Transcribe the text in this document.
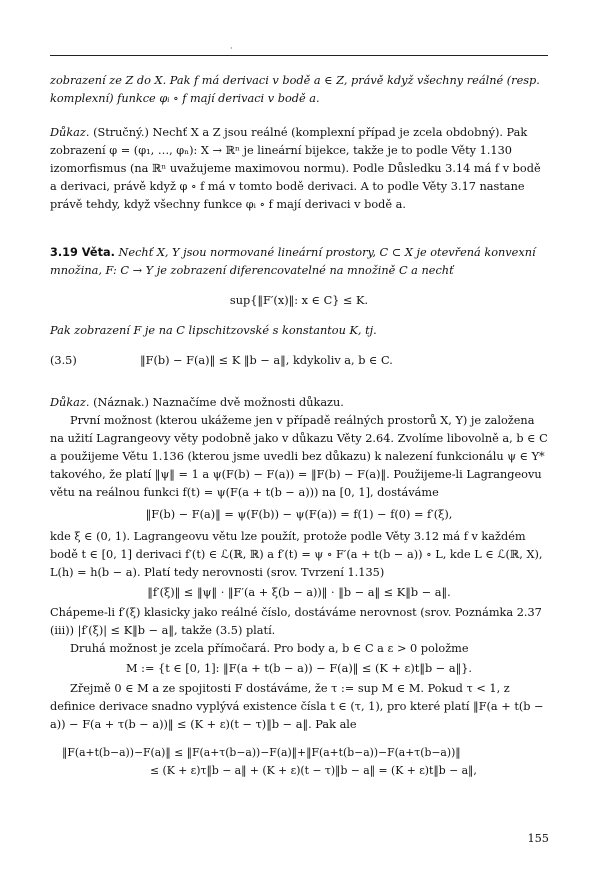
·

zobrazení ze Z do X. Pak f má derivaci v bodě a ∈ Z, právě když všechny reálné (resp. komplexní) funkce φᵢ ∘ f mají derivaci v bodě a.

Důkaz. (Stručný.) Nechť X a Z jsou reálné (komplexní případ je zcela obdobný). Pak zobrazení φ = (φ₁, …, φₙ): X → ℝⁿ je lineární bijekce, takže je to podle Věty 1.130 izomorfismus (na ℝⁿ uvažujeme maximovou normu). Podle Důsledku 3.14 má f v bodě a derivaci, právě když φ ∘ f má v tomto bodě derivaci. A to podle Věty 3.17 nastane právě tehdy, když všechny funkce φᵢ ∘ f mají derivaci v bodě a.

3.19 Věta. Nechť X, Y jsou normované lineární prostory, C ⊂ X je otevřená konvexní množina, F: C → Y je zobrazení diferencovatelné na množině C a nechť

sup{‖F′(x)‖: x ∈ C} ≤ K.

Pak zobrazení F je na C lipschitzovské s konstantou K, tj.

(3.5)	‖F(b) − F(a)‖ ≤ K ‖b − a‖, kdykoliv a, b ∈ C.

Důkaz. (Náznak.) Naznačíme dvě možnosti důkazu.

První možnost (kterou ukážeme jen v případě reálných prostorů X, Y) je založena na užití Lagrangeovy věty podobně jako v důkazu Věty 2.64. Zvolíme libovolně a, b ∈ C a použijeme Větu 1.136 (kterou jsme uvedli bez důkazu) k nalezení funkcionálu ψ ∈ Y* takového, že platí ‖ψ‖ = 1 a ψ(F(b) − F(a)) = ‖F(b) − F(a)‖. Použijeme-li Lagrangeovu větu na reálnou funkci f(t) = ψ(F(a + t(b − a))) na [0, 1], dostáváme

‖F(b) − F(a)‖ = ψ(F(b)) − ψ(F(a)) = f(1) − f(0) = f′(ξ),

kde ξ ∈ (0, 1). Lagrangeovu větu lze použít, protože podle Věty 3.12 má f v každém bodě t ∈ [0, 1] derivaci f′(t) ∈ ℒ(ℝ, ℝ) a f′(t) = ψ ∘ F′(a + t(b − a)) ∘ L, kde L ∈ ℒ(ℝ, X), L(h) = h(b − a). Platí tedy nerovnosti (srov. Tvrzení 1.135)

‖f′(ξ)‖ ≤ ‖ψ‖ · ‖F′(a + ξ(b − a))‖ · ‖b − a‖ ≤ K‖b − a‖.

Chápeme-li f′(ξ) klasicky jako reálné číslo, dostáváme nerovnost (srov. Poznámka 2.37 (iii)) |f′(ξ)| ≤ K‖b − a‖, takže (3.5) platí.

Druhá možnost je zcela přímočará. Pro body a, b ∈ C a ε > 0 položme

M := {t ∈ [0, 1]: ‖F(a + t(b − a)) − F(a)‖ ≤ (K + ε)t‖b − a‖}.

Zřejmě 0 ∈ M a ze spojitosti F dostáváme, že τ := sup M ∈ M. Pokud τ < 1, z definice derivace snadno vyplývá existence čísla t ∈ (τ, 1), pro které platí ‖F(a + t(b − a)) − F(a + τ(b − a))‖ ≤ (K + ε)(t − τ)‖b − a‖. Pak ale

‖F(a+t(b−a))−F(a)‖ ≤ ‖F(a+τ(b−a))−F(a)‖+‖F(a+t(b−a))−F(a+τ(b−a))‖

≤ (K + ε)τ‖b − a‖ + (K + ε)(t − τ)‖b − a‖ = (K + ε)t‖b − a‖,

155
